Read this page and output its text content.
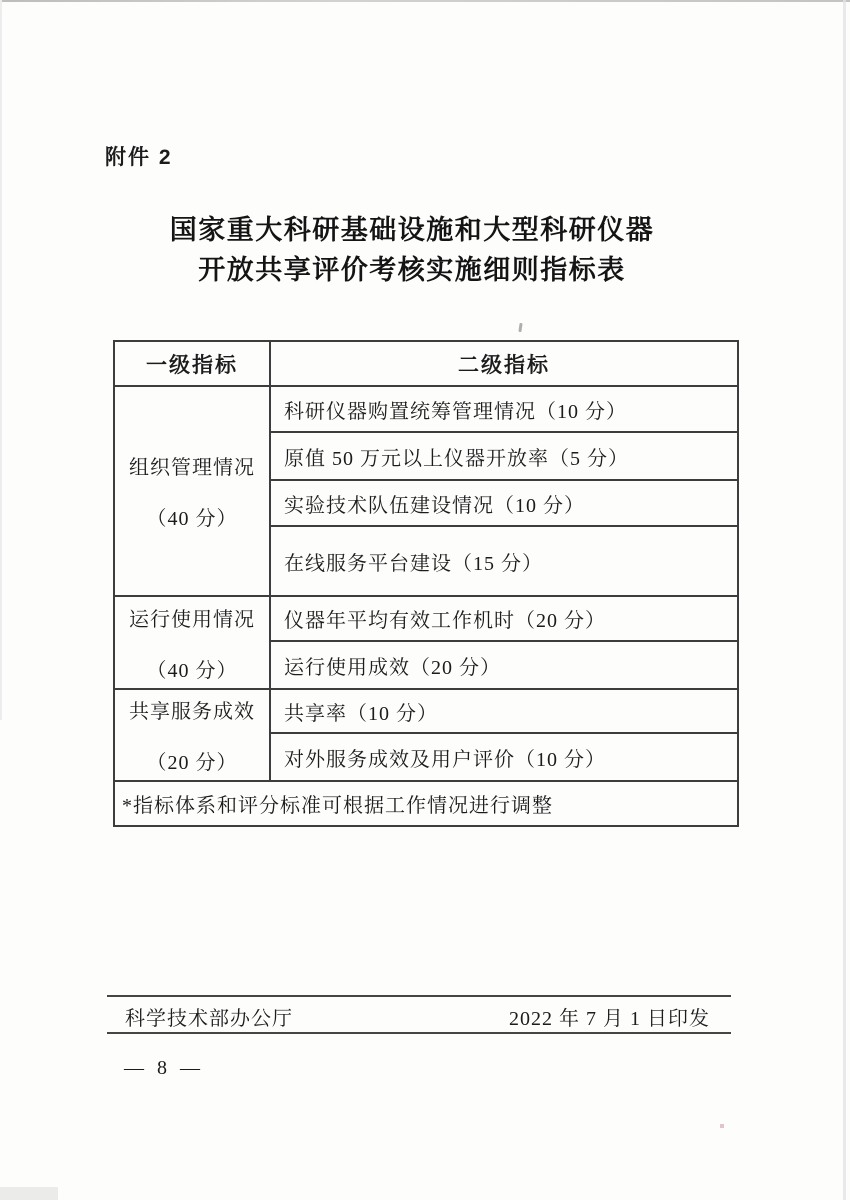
附件 2
国家重大科研基础设施和大型科研仪器
开放共享评价考核实施细则指标表
一级指标	二级指标

组织管理情况
（40 分）	科研仪器购置统筹管理情况（10 分）
	原值 50 万元以上仪器开放率（5 分）
	实验技术队伍建设情况（10 分）
	在线服务平台建设（15 分）

运行使用情况
（40 分）	仪器年平均有效工作机时（20 分）
	运行使用成效（20 分）

共享服务成效
（20 分）	共享率（10 分）
	对外服务成效及用户评价（10 分）
*指标体系和评分标准可根据工作情况进行调整	
科学技术部办公厅	2022 年 7 月 1 日印发
— 8 —
